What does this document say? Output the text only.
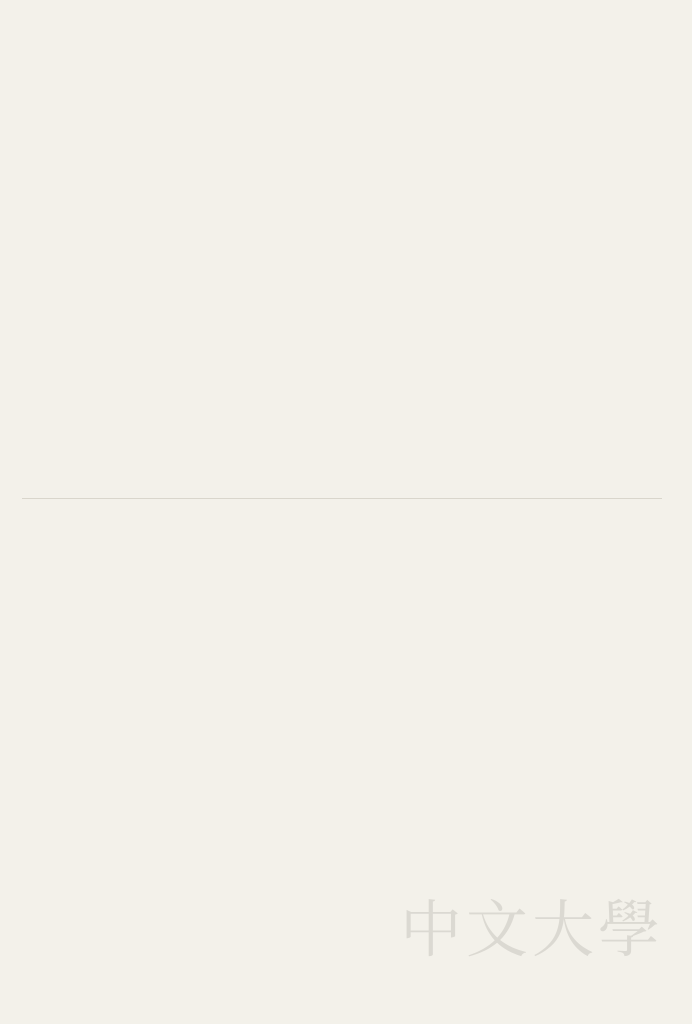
中文大學
